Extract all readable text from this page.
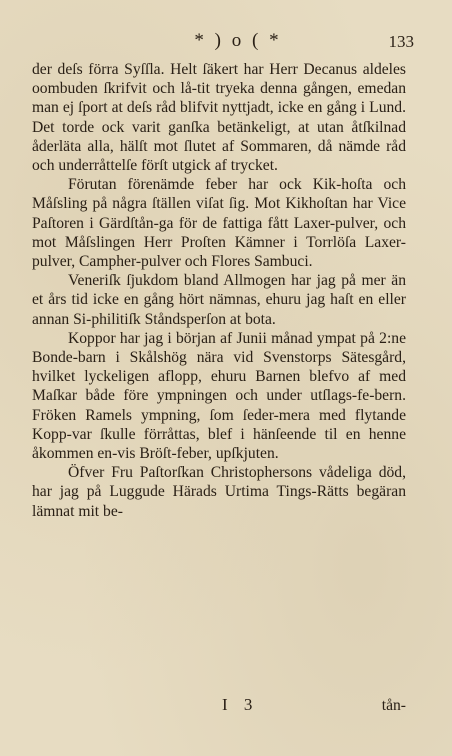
* ) o ( *	133

der deſs förra Syſſla. Helt ſäkert har Herr Decanus aldeles oombuden ſkrifvit och lå-tit tryeka denna gången, emedan man ej ſport at deſs råd blifvit nyttjadt, icke en gång i Lund. Det torde ock varit ganſka betänkeligt, at utan åtſkilnad åderläta alla, hälſt mot ſlutet af Sommaren, då nämde råd och underråttelſe förſt utgick af trycket.

Förutan förenämde feber har ock Kik-hoſta och Måſsling på några ſtällen viſat ſig. Mot Kikhoſtan har Vice Paſtoren i Gärdſtån-ga för de fattiga fått Laxer-pulver, och mot Måſslingen Herr Proſten Kämner i Torrlöſa Laxer-pulver, Campher-pulver och Flores Sambuci.

Veneriſk ſjukdom bland Allmogen har jag på mer än et års tid icke en gång hört nämnas, ehuru jag haſt en eller annan Si-philitiſk Ståndsperſon at bota.

Koppor har jag i början af Junii månad ympat på 2:ne Bonde-barn i Skålshög nära vid Svenstorps Sätesgård, hvilket lyckeligen aflopp, ehuru Barnen blefvo af med Maſkar både före ympningen och under utſlags-fe-bern. Fröken Ramels ympning, ſom ſeder-mera med flytande Kopp-var ſkulle förråttas, blef i hänſeende til en henne åkommen en-vis Bröſt-feber, upſkjuten.

Öfver Fru Paſtorſkan Christophersons vådeliga död, har jag på Luggude Härads Urtima Tings-Rätts begäran lämnat mit be-

I 3	tån-
